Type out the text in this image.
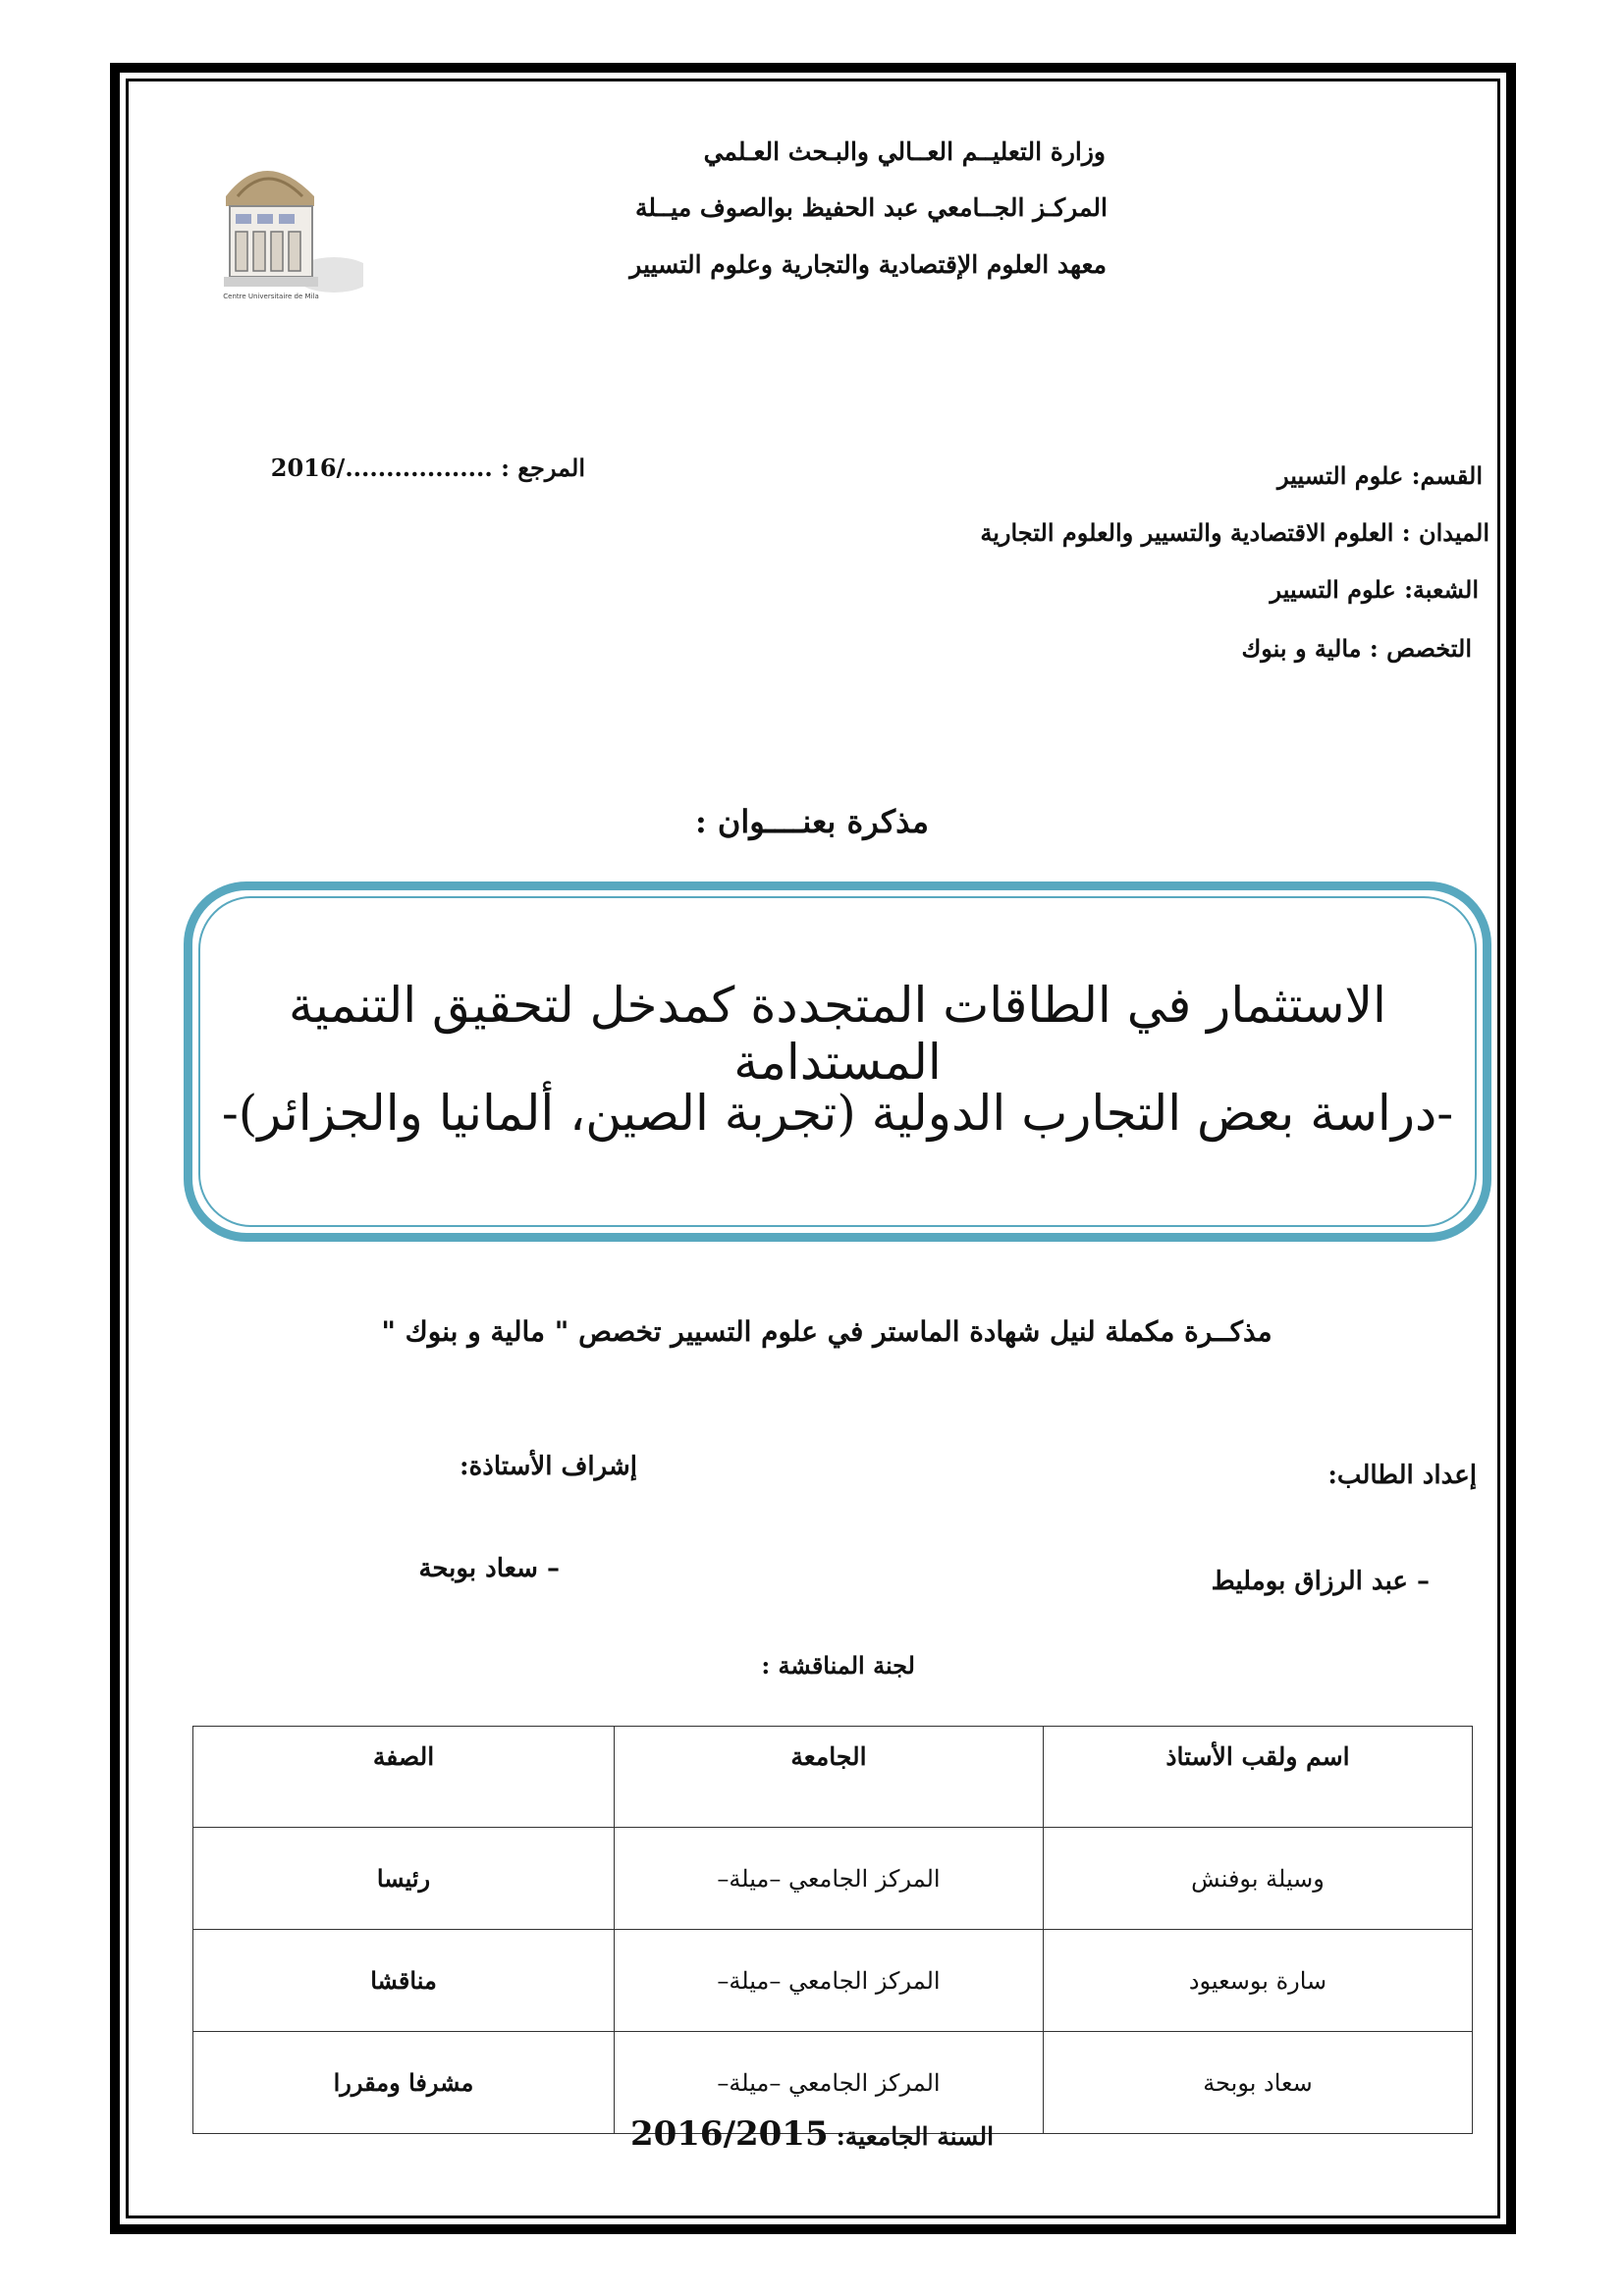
Centre Universitaire de Mila
وزارة التعليــم العــالي والبـحث العـلمي
المركـز الجــامعي عبد الحفيظ بوالصوف ميــلة
معهد العلوم الإقتصادية والتجارية وعلوم التسيير
المرجع : ................../2016	القسم: علوم التسيير
الميدان : العلوم الاقتصادية والتسيير والعلوم التجارية
الشعبة: علوم التسيير
التخصص : مالية و بنوك
مذكرة بعنــــوان :
الاستثمار في الطاقات المتجددة كمدخل لتحقيق التنمية المستدامة
-دراسة بعض التجارب الدولية (تجربة الصين، ألمانيا والجزائر)-
مذكــرة مكملة لنيل شهادة الماستر في علوم التسيير تخصص " مالية و بنوك "
إعداد الطالب:
إشراف الأستاذة:
– عبد الرزاق بومليط
– سعاد بوبحة
لجنة المناقشة :
اسم ولقب الأستاذ	الجامعة	الصفة
وسيلة بوفنش	المركز الجامعي –ميلة–	رئيسا
سارة بوسعيود	المركز الجامعي –ميلة–	مناقشا
سعاد بوبحة	المركز الجامعي –ميلة–	مشرفا ومقررا
السنة الجامعية: 2016/2015
